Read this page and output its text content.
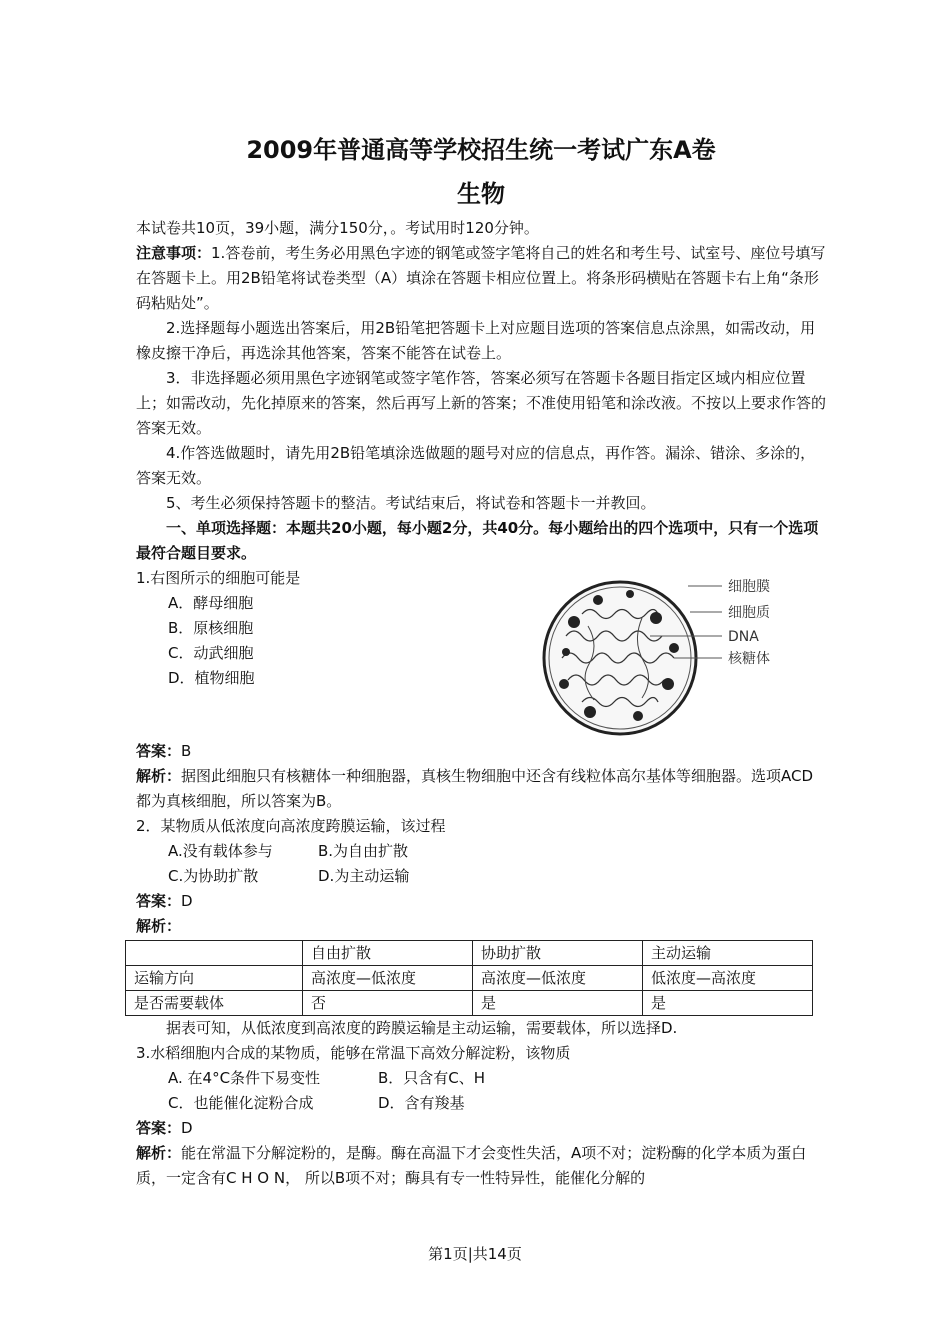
2009年普通高等学校招生统一考试广东A卷
生物

本试卷共10页，39小题，满分150分，。考试用时120分钟。

注意事项：1.答卷前，考生务必用黑色字迹的钢笔或签字笔将自己的姓名和考生号、试室号、座位号填写在答题卡上。用2B铅笔将试卷类型（A）填涂在答题卡相应位置上。将条形码横贴在答题卡右上角“条形码粘贴处”。

2.选择题每小题选出答案后，用2B铅笔把答题卡上对应题目选项的答案信息点涂黑，如需改动，用橡皮擦干净后，再选涂其他答案，答案不能答在试卷上。

3．非选择题必须用黑色字迹钢笔或签字笔作答，答案必须写在答题卡各题目指定区域内相应位置上；如需改动，先化掉原来的答案，然后再写上新的答案；不准使用铅笔和涂改液。不按以上要求作答的答案无效。

4.作答选做题时，请先用2B铅笔填涂选做题的题号对应的信息点，再作答。漏涂、错涂、多涂的，答案无效。

5、考生必须保持答题卡的整洁。考试结束后，将试卷和答题卡一并教回。

一、单项选择题：本题共20小题，每小题2分，共40分。每小题给出的四个选项中，只有一个选项最符合题目要求。

1.右图所示的细胞可能是

A．酵母细胞

B．原核细胞

C．动武细胞

D．植物细胞

细胞膜
细胞质
DNA
核糖体

答案：B

解析：据图此细胞只有核糖体一种细胞器，真核生物细胞中还含有线粒体高尔基体等细胞器。选项ACD都为真核细胞，所以答案为B。

2．某物质从低浓度向高浓度跨膜运输，该过程

A.没有载体参与	B.为自由扩散

C.为协助扩散	D.为主动运输

答案：D

解析：

	自由扩散	协助扩散	主动运输
运输方向	高浓度—低浓度	高浓度—低浓度	低浓度—高浓度
是否需要载体	否	是	是

据表可知，从低浓度到高浓度的跨膜运输是主动运输，需要载体，所以选择D.

3.水稻细胞内合成的某物质，能够在常温下高效分解淀粉，该物质

A. 在4°C条件下易变性	B．只含有C、H

C．也能催化淀粉合成	D．含有羧基

答案：D

解析：能在常温下分解淀粉的，是酶。酶在高温下才会变性失活，A项不对；淀粉酶的化学本质为蛋白质，一定含有C H O N， 所以B项不对；酶具有专一性特异性，能催化分解的

第1页|共14页
